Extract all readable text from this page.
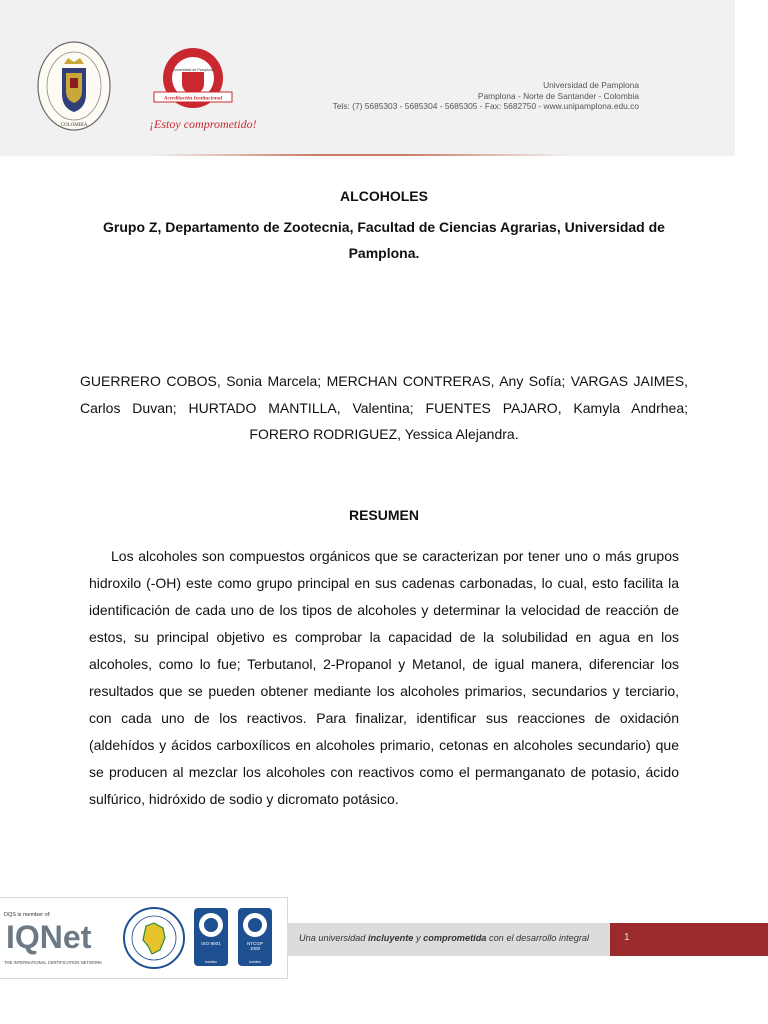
COLOMBIA
Universidad de Pamplona
Acreditación Institucional
¡Estoy comprometido!
Universidad de Pamplona
Pamplona - Norte de Santander - Colombia
Tels: (7) 5685303 - 5685304 - 5685305 - Fax: 5682750 - www.unipamplona.edu.co
ALCOHOLES
Grupo Z, Departamento de Zootecnia, Facultad de Ciencias Agrarias, Universidad de Pamplona.
GUERRERO COBOS, Sonia Marcela; MERCHAN CONTRERAS, Any Sofía; VARGAS JAIMES, Carlos Duvan; HURTADO MANTILLA, Valentina; FUENTES PAJARO, Kamyla Andrhea; FORERO RODRIGUEZ, Yessica Alejandra.
RESUMEN
Los alcoholes son compuestos orgánicos que se caracterizan por tener uno o más grupos hidroxilo (-OH) este como grupo principal en sus cadenas carbonadas, lo cual, esto facilita la identificación de cada uno de los tipos de alcoholes y determinar la velocidad de reacción de estos, su principal objetivo es comprobar la capacidad de la solubilidad en agua en los alcoholes, como lo fue; Terbutanol, 2-Propanol y Metanol, de igual manera, diferenciar los resultados que se pueden obtener mediante los alcoholes primarios, secundarios y terciario, con cada uno de los reactivos. Para finalizar, identificar sus reacciones de oxidación (aldehídos y ácidos carboxílicos en alcoholes primario, cetonas en alcoholes secundario) que se producen al mezclar los alcoholes con reactivos como el permanganato de potasio, ácido sulfúrico, hidróxido de sodio y dicromato potásico.
DQS is member of:
IQNet
THE INTERNATIONAL CERTIFICATION NETWORK
ISO 9001
icontec
NTCGP
1000
icontec
Una universidad incluyente y comprometida con el desarrollo integral	1
